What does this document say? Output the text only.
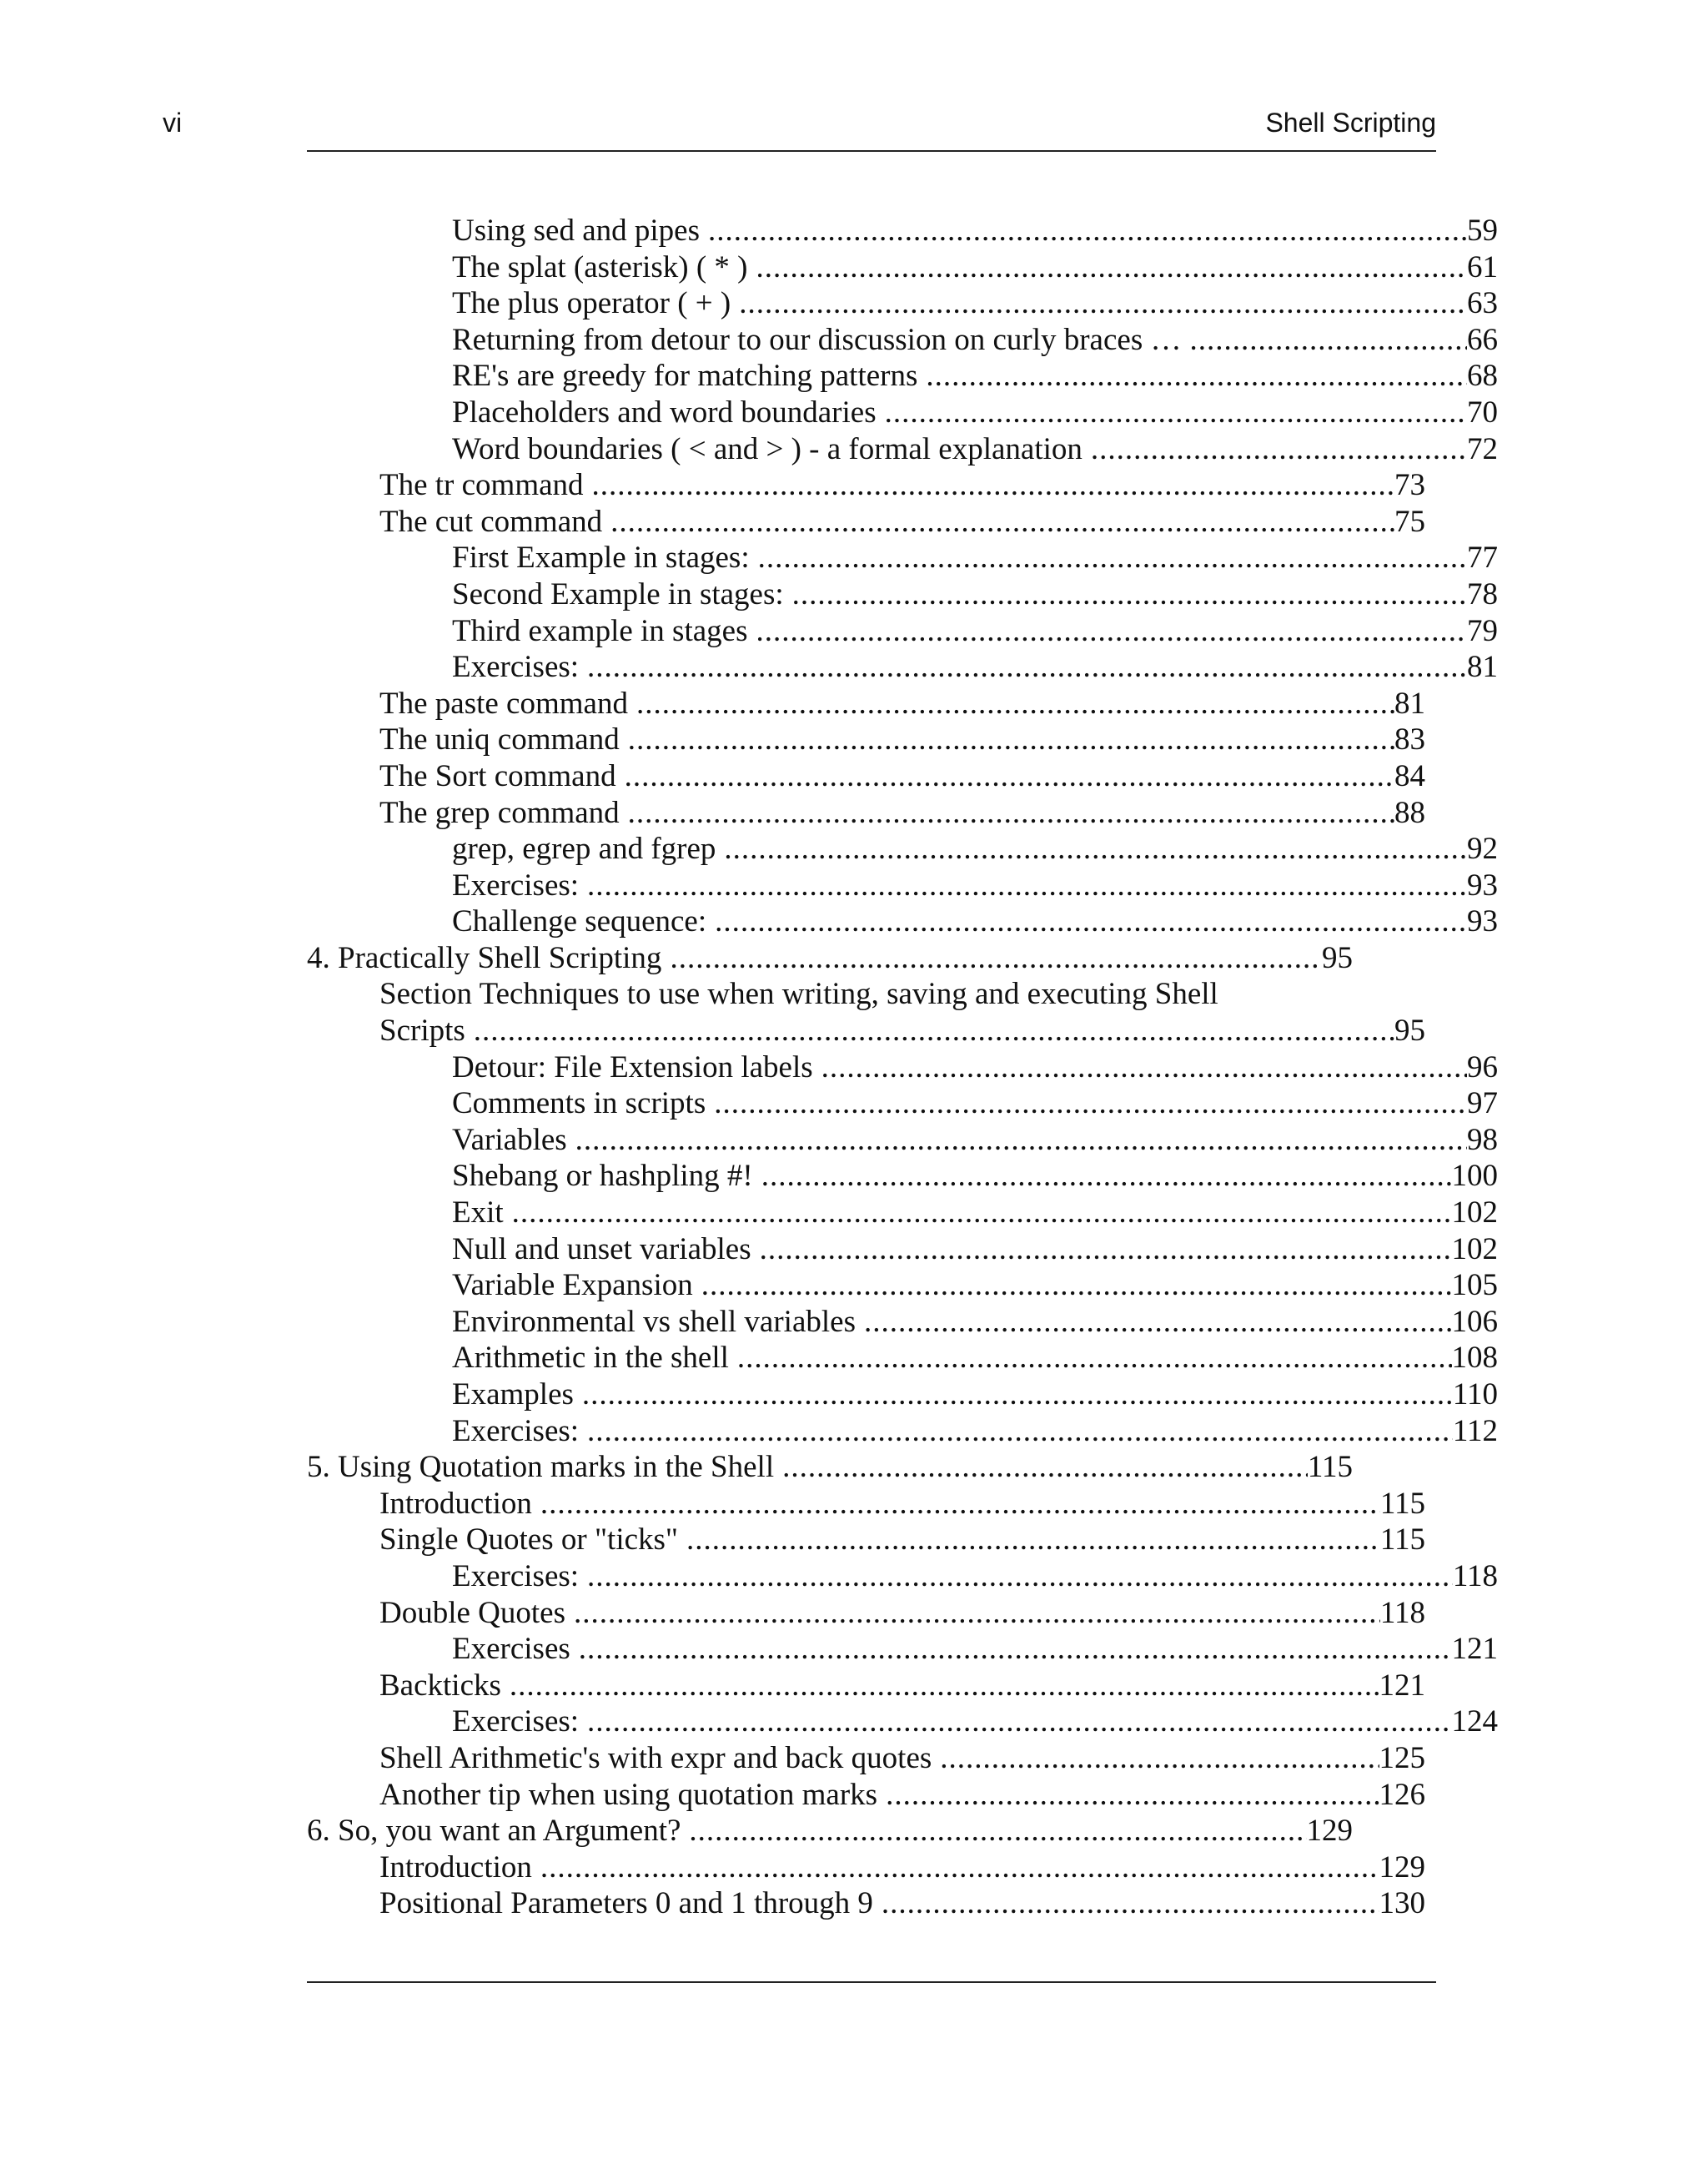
vi	Shell Scripting
Using sed and pipes .....	59
The splat (asterisk) ( * ) .....	61
The plus operator ( + ) .....	63
Returning from detour to our discussion on curly braces … .....	66
RE's are greedy for matching patterns .....	68
Placeholders and word boundaries .....	70
Word boundaries ( < and > ) - a formal explanation .....	72
The tr command .....	73
The cut command .....	75
First Example in stages: .....	77
Second Example in stages: .....	78
Third example in stages .....	79
Exercises: .....	81
The paste command .....	81
The uniq command .....	83
The Sort command .....	84
The grep command .....	88
grep, egrep and fgrep .....	92
Exercises: .....	93
Challenge sequence: .....	93
4. Practically Shell Scripting .....	95
Section Techniques to use when writing, saving and executing Shell
Scripts .....	95
Detour: File Extension labels .....	96
Comments in scripts .....	97
Variables .....	98
Shebang or hashpling #! .....	100
Exit .....	102
Null and unset variables .....	102
Variable Expansion .....	105
Environmental vs shell variables .....	106
Arithmetic in the shell .....	108
Examples .....	110
Exercises: .....	112
5. Using Quotation marks in the Shell .....	115
Introduction .....	115
Single Quotes or "ticks" .....	115
Exercises: .....	118
Double Quotes .....	118
Exercises .....	121
Backticks .....	121
Exercises: .....	124
Shell Arithmetic's with expr and back quotes .....	125
Another tip when using quotation marks .....	126
6. So, you want an Argument? .....	129
Introduction .....	129
Positional Parameters 0 and 1 through 9 .....	130
